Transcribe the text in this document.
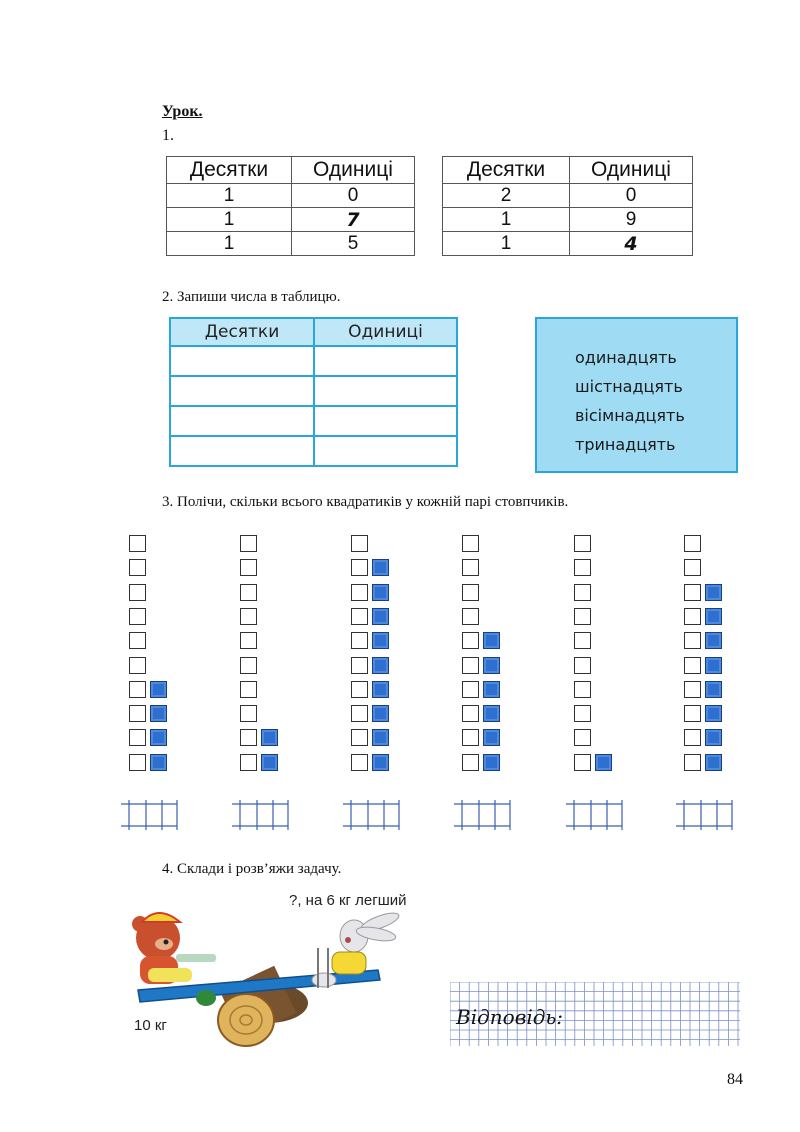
Урок.
1.
Десятки	Одиниці
1	0
1	7
1	5
Десятки	Одиниці
2	0
1	9
1	4
2. Запиши числа в таблицю.
Десятки	Одиниці

одинадцять
шістнадцять
вісімнадцять
тринадцять
3. Полічи, скільки всього квадратиків у кожній парі стовпчиків.
4. Склади і розв’яжи задачу.
?, на 6 кг легший
10 кг	Відповідь:
84
